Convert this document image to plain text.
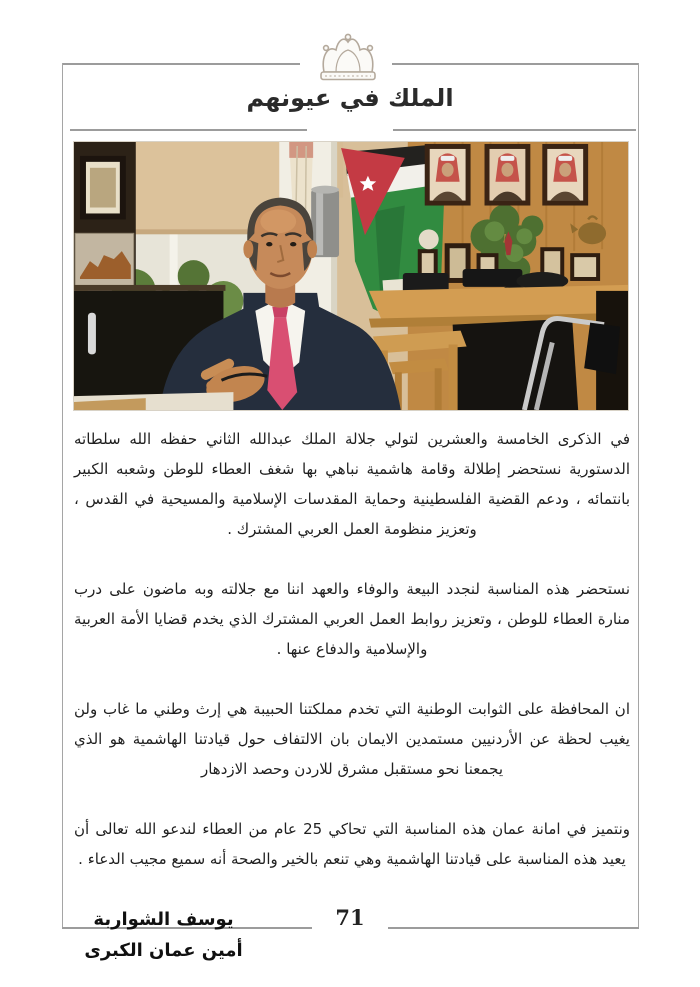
الملك في عيونهم

في الذكرى الخامسة والعشرين لتولي جلالة الملك عبدالله الثاني حفظه الله سلطاته الدستورية نستحضر إطلالة وقامة هاشمية نباهي بها شغف العطاء للوطن وشعبه الكبير بانتمائه ، ودعم القضية الفلسطينية وحماية المقدسات الإسلامية والمسيحية في القدس ، وتعزيز منظومة العمل العربي المشترك .

نستحضر هذه المناسبة لنجدد البيعة والوفاء والعهد اننا مع جلالته وبه ماضون على درب منارة العطاء للوطن ، وتعزيز روابط العمل العربي المشترك الذي يخدم قضايا الأمة العربية والإسلامية والدفاع عنها .

ان المحافظة على الثوابت الوطنية التي تخدم مملكتنا الحبيبة هي إرث وطني ما غاب ولن يغيب لحظة عن الأردنيين مستمدين الايمان بان الالتفاف حول قيادتنا الهاشمية هو الذي يجمعنا نحو مستقبل مشرق للاردن وحصد الازدهار

ونتميز في امانة عمان هذه المناسبة التي تحاكي 25 عام من العطاء لندعو الله تعالى أن يعيد هذه المناسبة على قيادتنا الهاشمية وهي تنعم بالخير والصحة أنه سميع مجيب الدعاء .

يوسف الشواربة
أمين عمان الكبرى
71
